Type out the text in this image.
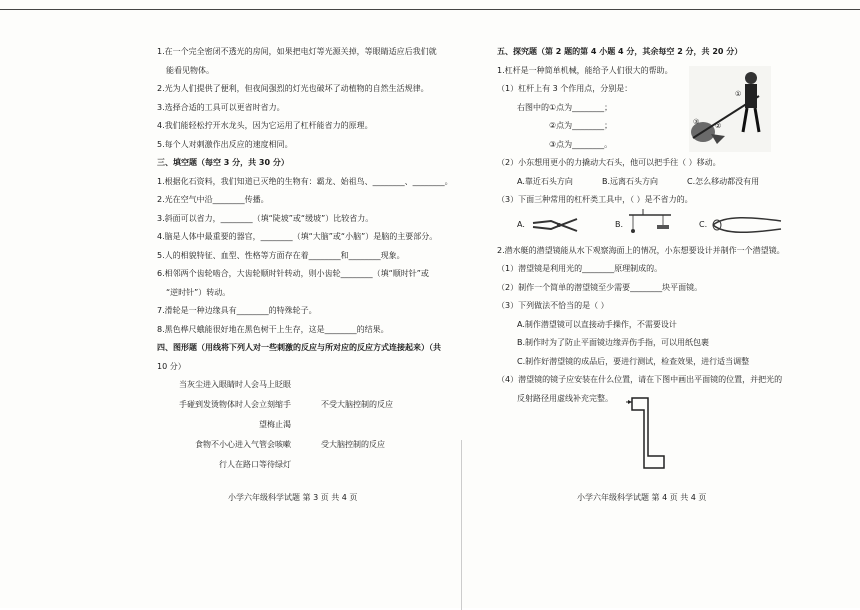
1.在一个完全密闭不透光的房间，如果把电灯等光源关掉，等眼睛适应后我们就
能看见物体。
2.光为人们提供了便利，但夜间强烈的灯光也破坏了动植物的自然生活规律。
3.选择合适的工具可以更省时省力。
4.我们能轻松拧开水龙头，因为它运用了杠杆能省力的原理。
5.每个人对刺激作出反应的速度相同。
三、填空题（每空 3 分，共 30 分）
1.根据化石资料，我们知道已灭绝的生物有：霸龙、始祖鸟、________、________。
2.光在空气中沿________传播。
3.斜面可以省力，________（填“陡坡”或“缓坡”）比较省力。
4.脑是人体中最重要的器官，________（填“大脑”或“小脑”）是脑的主要部分。
5.人的相貌特征、血型、性格等方面存在着________和________现象。
6.相邻两个齿轮啮合，大齿轮顺时针转动，则小齿轮________（填“顺时针”或
“逆时针”）转动。
7.滑轮是一种边缘具有________的特殊轮子。
8.黑色桦尺蛾能很好地在黑色树干上生存，这是________的结果。
四、图形题（用线将下列人对一些刺激的反应与所对应的反应方式连接起来）（共
10 分）
当灰尘进入眼睛时人会马上眨眼
手碰到发烫物体时人会立刻缩手
望梅止渴
食物不小心进入气管会咳嗽
行人在路口等待绿灯
不受大脑控制的反应
受大脑控制的反应
小学六年级科学试题 第 3 页 共 4 页
五、探究题（第 2 题的第 4 小题 4 分，其余每空 2 分，共 20 分）
1.杠杆是一种简单机械，能给予人们很大的帮助。
（1）杠杆上有 3 个作用点，分别是：
右图中的①点为________；
②点为________；
③点为________。
（2）小东想用更小的力撬动大石头，他可以把手往（ ）移动。
A.靠近石头方向	B.远离石头方向	C.怎么移动都没有用
（3）下面三种常用的杠杆类工具中，（ ）是不省力的。
A.	B.	C.
2.潜水艇的潜望镜能从水下观察海面上的情况，小东想要设计并制作一个潜望镜。
（1）潜望镜是利用光的________原理制成的。
（2）制作一个简单的潜望镜至少需要________块平面镜。
（3）下列做法不恰当的是（ ）
A.制作潜望镜可以直接动手操作，不需要设计
B.制作时为了防止平面镜边缘弄伤手指，可以用纸包裹
C.制作好潜望镜的成品后，要进行测试，检查效果，进行适当调整
（4）潜望镜的镜子应安装在什么位置，请在下图中画出平面镜的位置，并把光的
反射路径用虚线补充完整。
①
②
③
小学六年级科学试题 第 4 页 共 4 页
